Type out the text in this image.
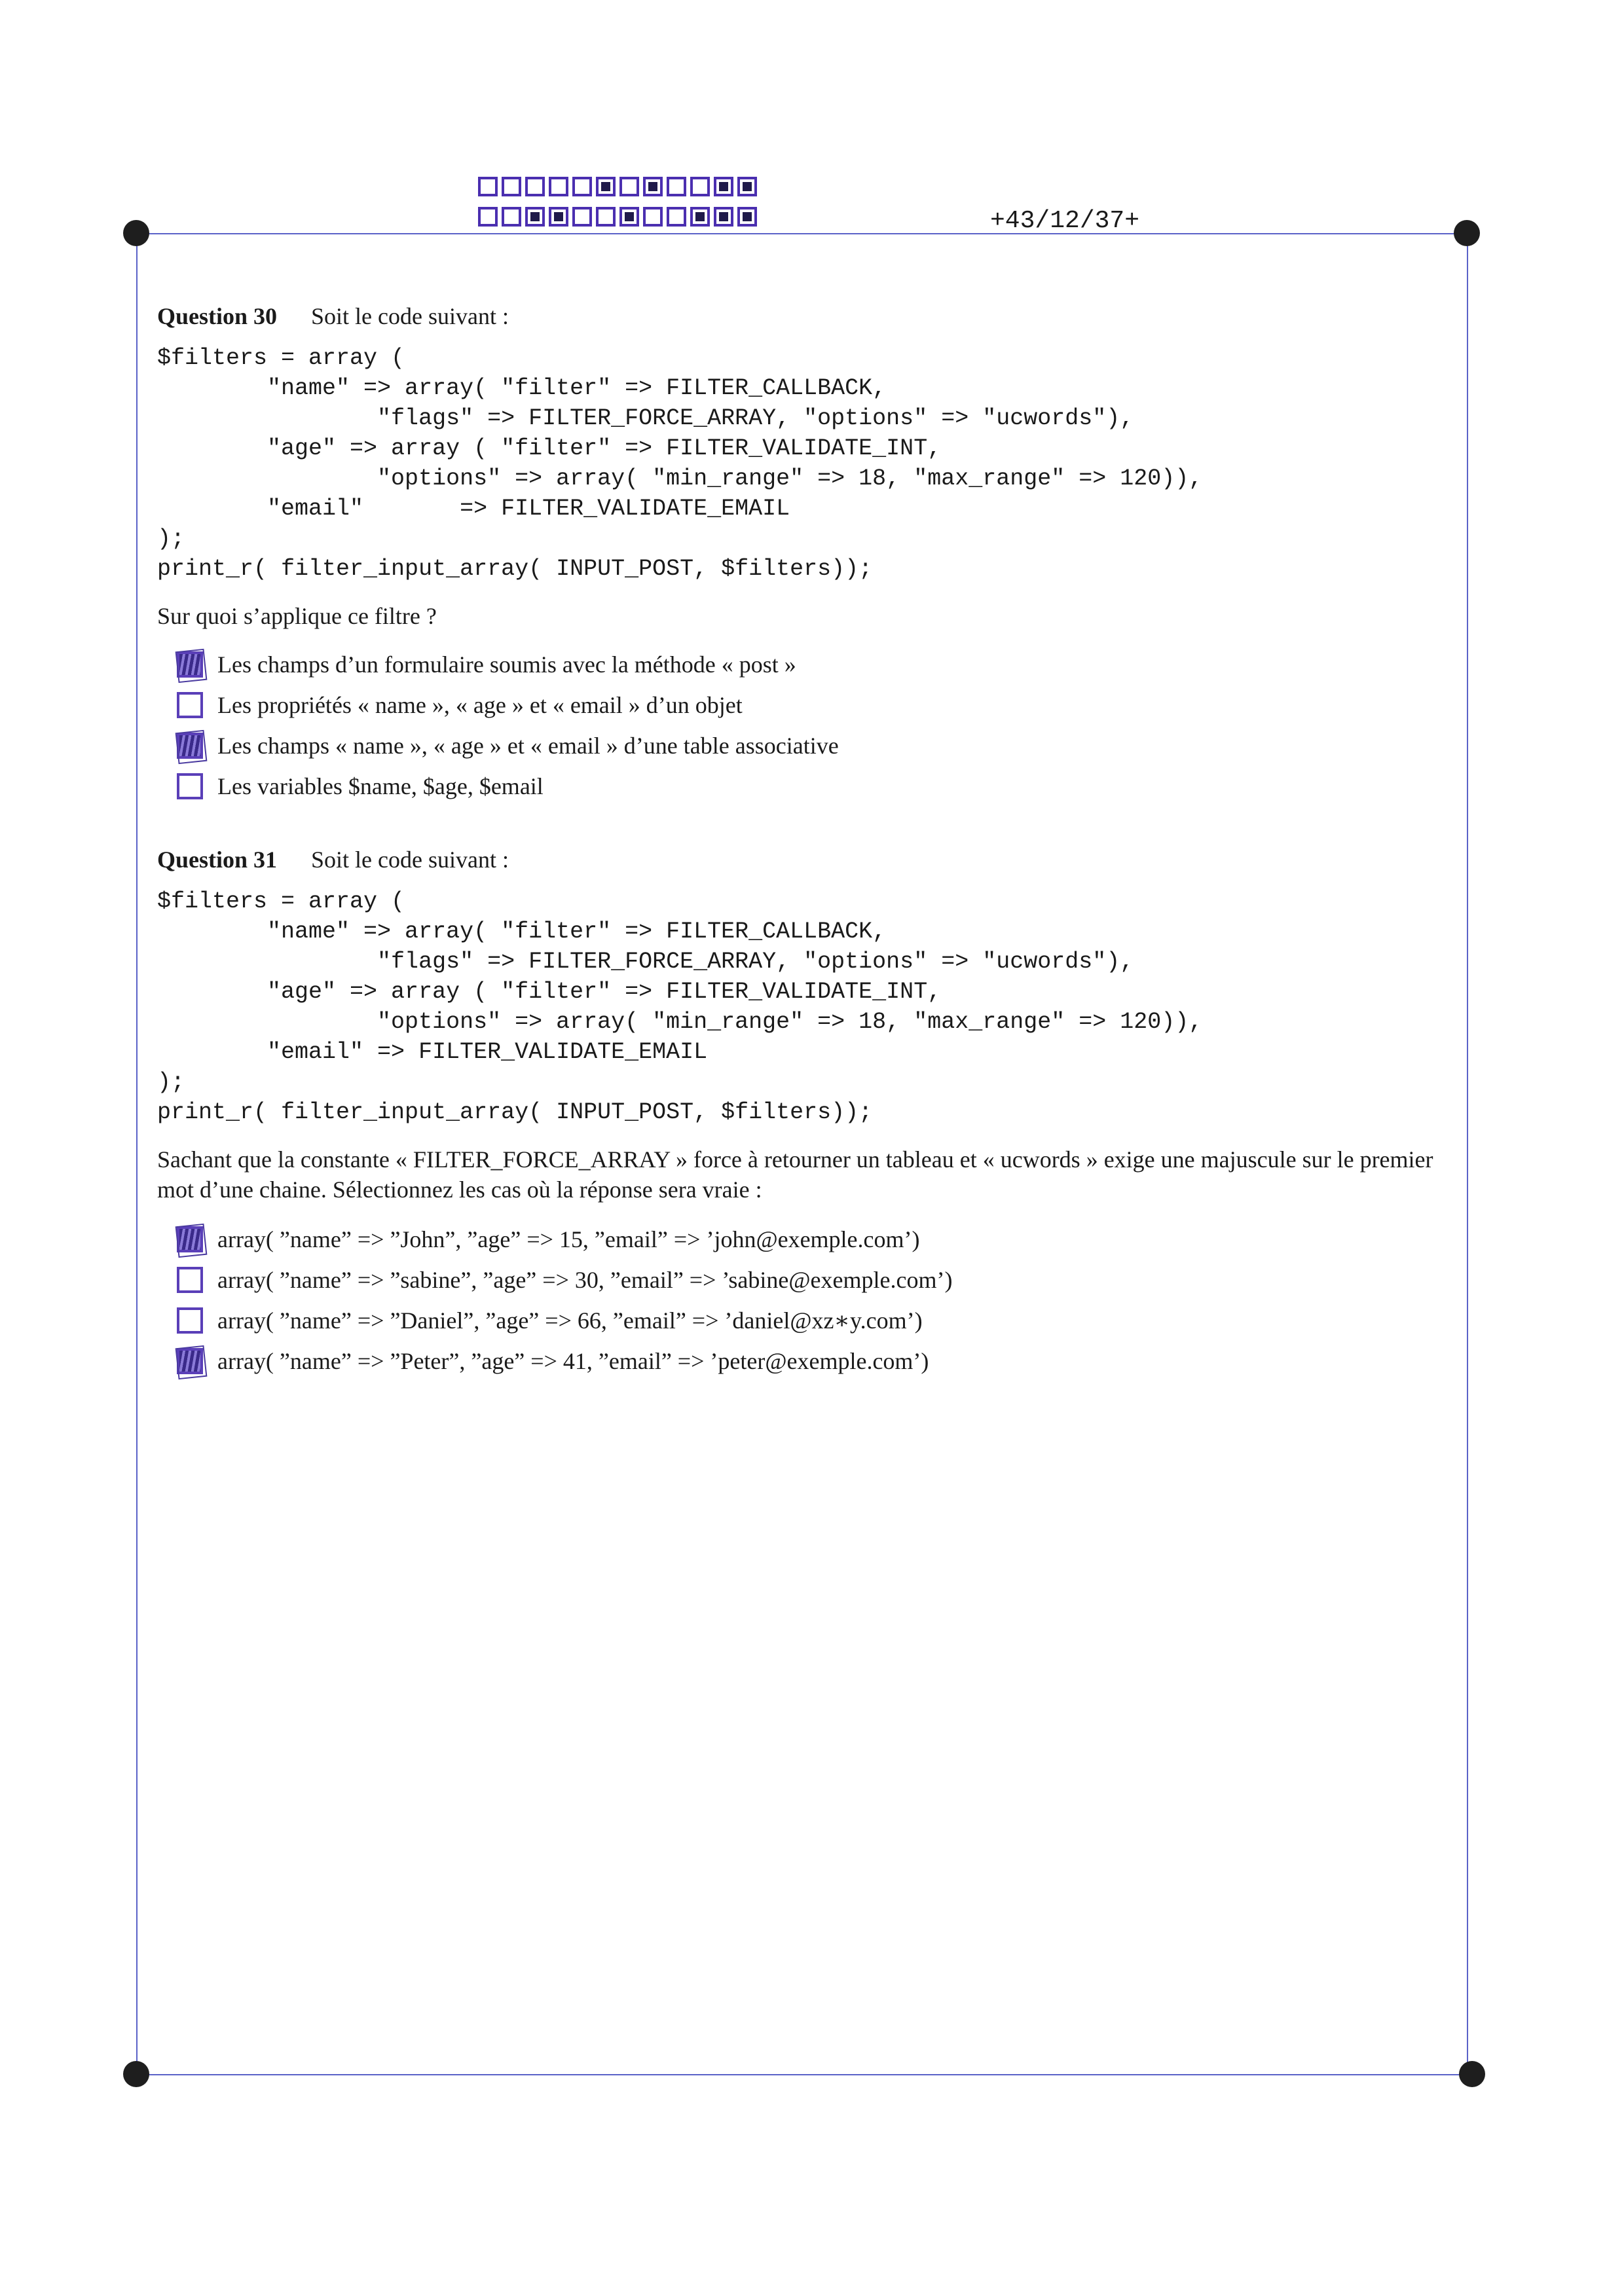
+43/12/37+

Question 30 Soit le code suivant :

$filters = array (
"name" => array( "filter" => FILTER_CALLBACK,
"flags" => FILTER_FORCE_ARRAY, "options" => "ucwords"),
"age" => array ( "filter" => FILTER_VALIDATE_INT,
"options" => array( "min_range" => 18, "max_range" => 120)),
"email"       => FILTER_VALIDATE_EMAIL
);
print_r( filter_input_array( INPUT_POST, $filters));

Sur quoi s’applique ce filtre ?

Les champs d’un formulaire soumis avec la méthode « post »
Les propriétés « name », « age » et « email » d’un objet
Les champs « name », « age » et « email » d’une table associative
Les variables $name, $age, $email

Question 31 Soit le code suivant :

$filters = array (
"name" => array( "filter" => FILTER_CALLBACK,
"flags" => FILTER_FORCE_ARRAY, "options" => "ucwords"),
"age" => array ( "filter" => FILTER_VALIDATE_INT,
"options" => array( "min_range" => 18, "max_range" => 120)),
"email" => FILTER_VALIDATE_EMAIL
);
print_r( filter_input_array( INPUT_POST, $filters));

Sachant que la constante « FILTER_FORCE_ARRAY » force à retourner un tableau et « ucwords » exige une majuscule sur le premier mot d’une chaine. Sélectionnez les cas où la réponse sera vraie :

array( ”name” => ”John”, ”age” => 15, ”email” => ’john@exemple.com’)
array( ”name” => ”sabine”, ”age” => 30, ”email” => ’sabine@exemple.com’)
array( ”name” => ”Daniel”, ”age” => 66, ”email” => ’daniel@xz∗y.com’)
array( ”name” => ”Peter”, ”age” => 41, ”email” => ’peter@exemple.com’)
